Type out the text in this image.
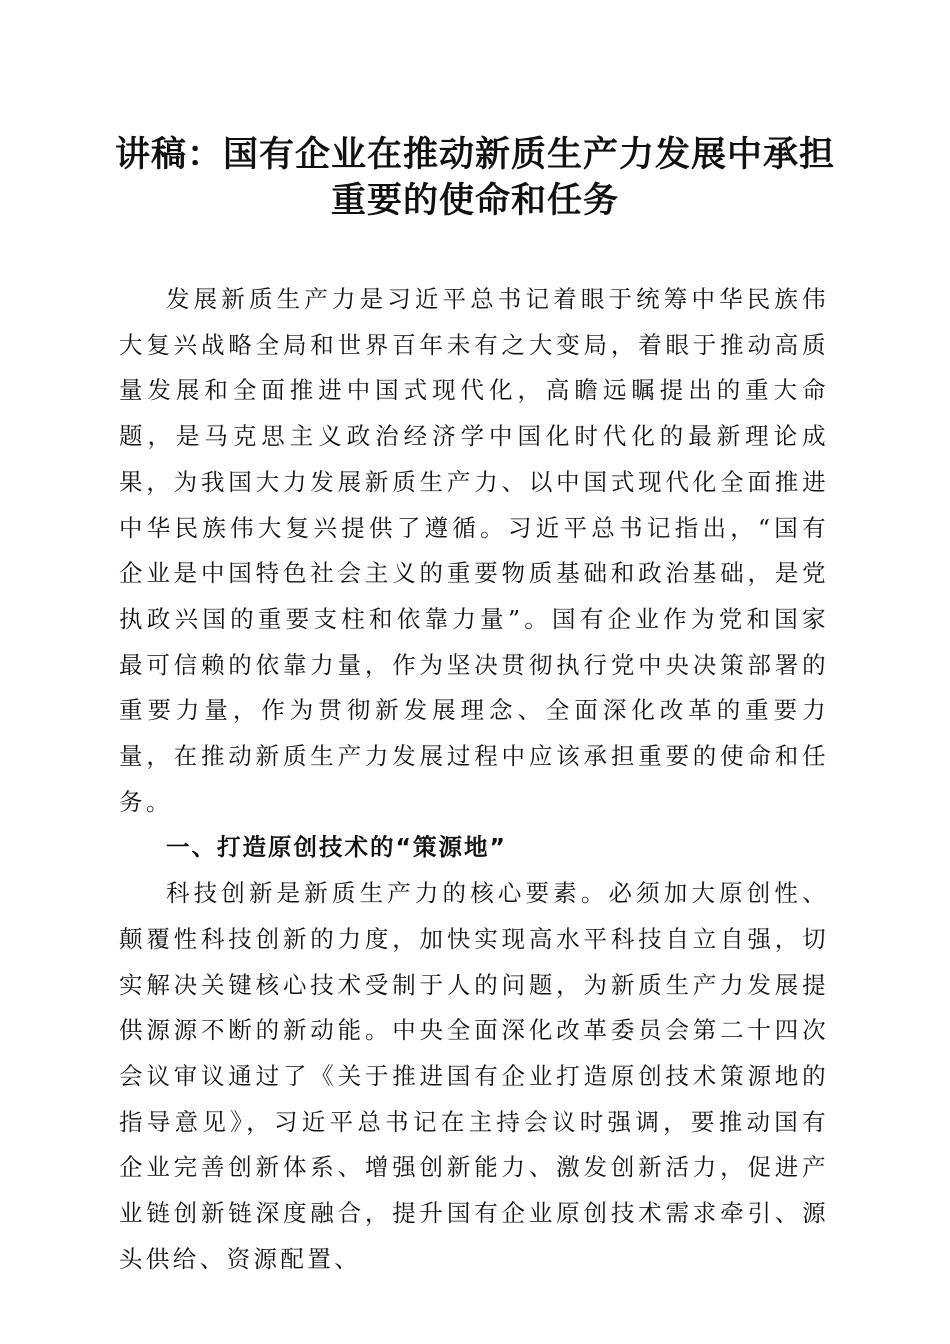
讲稿：国有企业在推动新质生产力发展中承担
重要的使命和任务

发展新质生产力是习近平总书记着眼于统筹中华民族伟大复兴战略全局和世界百年未有之大变局，着眼于推动高质量发展和全面推进中国式现代化，高瞻远瞩提出的重大命题，是马克思主义政治经济学中国化时代化的最新理论成果，为我国大力发展新质生产力、以中国式现代化全面推进中华民族伟大复兴提供了遵循。习近平总书记指出，“国有企业是中国特色社会主义的重要物质基础和政治基础，是党执政兴国的重要支柱和依靠力量”。国有企业作为党和国家最可信赖的依靠力量，作为坚决贯彻执行党中央决策部署的重要力量，作为贯彻新发展理念、全面深化改革的重要力量，在推动新质生产力发展过程中应该承担重要的使命和任务。

一、打造原创技术的“策源地”

科技创新是新质生产力的核心要素。必须加大原创性、颠覆性科技创新的力度，加快实现高水平科技自立自强，切实解决关键核心技术受制于人的问题，为新质生产力发展提供源源不断的新动能。中央全面深化改革委员会第二十四次会议审议通过了《关于推进国有企业打造原创技术策源地的指导意见》，习近平总书记在主持会议时强调，要推动国有企业完善创新体系、增强创新能力、激发创新活力，促进产业链创新链深度融合，提升国有企业原创技术需求牵引、源头供给、资源配置、
